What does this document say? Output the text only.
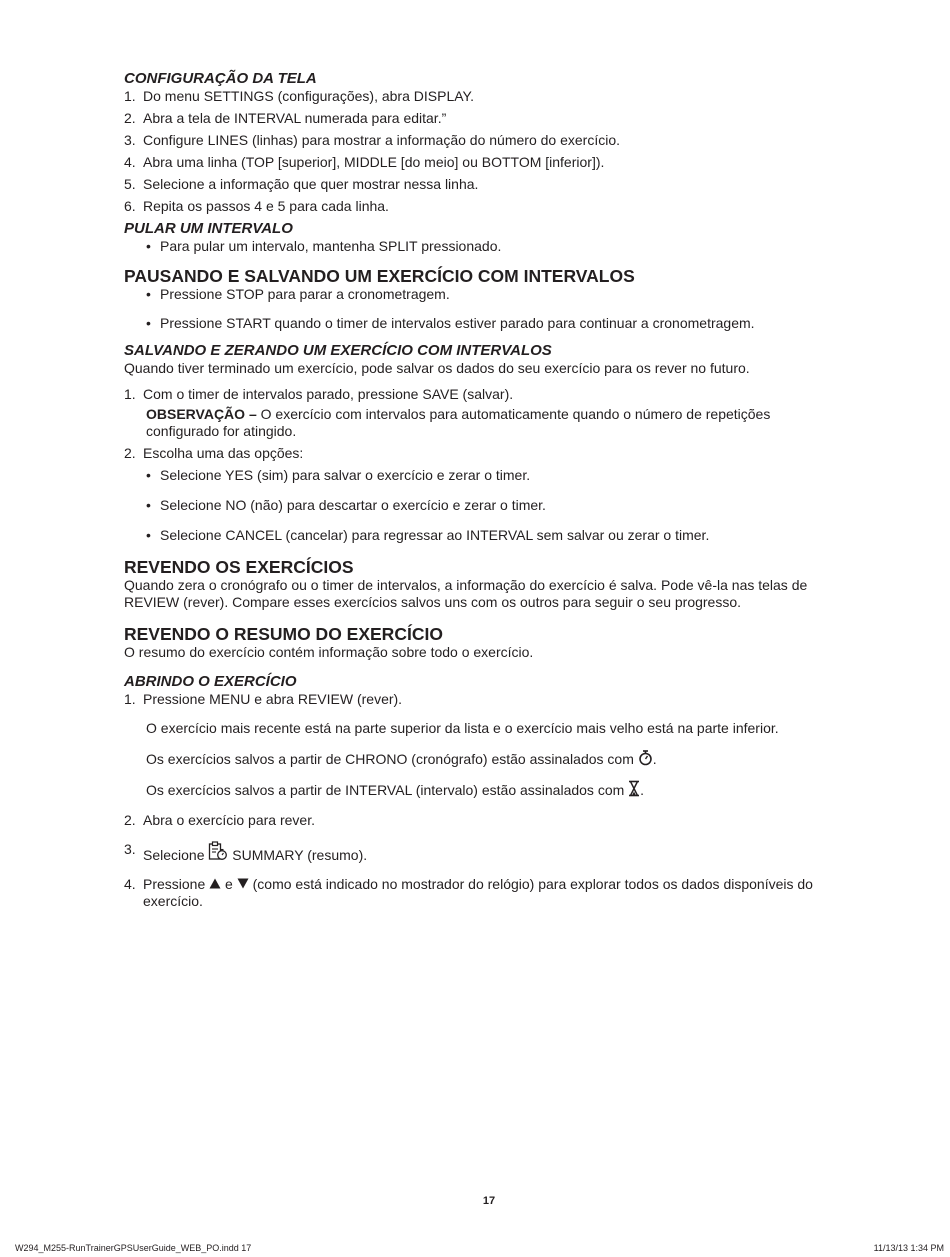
CONFIGURAÇÃO DA TELA
1. Do menu SETTINGS (configurações), abra DISPLAY.
2. Abra a tela de INTERVAL numerada para editar.”
3. Configure LINES (linhas) para mostrar a informação do número do exercício.
4. Abra uma linha (TOP [superior], MIDDLE [do meio] ou BOTTOM [inferior]).
5. Selecione a informação que quer mostrar nessa linha.
6. Repita os passos 4 e 5 para cada linha.
PULAR UM INTERVALO
• Para pular um intervalo, mantenha SPLIT pressionado.
PAUSANDO E SALVANDO UM EXERCÍCIO COM INTERVALOS
• Pressione STOP para parar a cronometragem.
• Pressione START quando o timer de intervalos estiver parado para continuar a cronometragem.
SALVANDO E ZERANDO UM EXERCÍCIO COM INTERVALOS

Quando tiver terminado um exercício, pode salvar os dados do seu exercício para os rever no futuro.

1. Com o timer de intervalos parado, pressione SAVE (salvar).
OBSERVAÇÃO – O exercício com intervalos para automaticamente quando o número de repetições configurado for atingido.
2. Escolha uma das opções:
• Selecione YES (sim) para salvar o exercício e zerar o timer.
• Selecione NO (não) para descartar o exercício e zerar o timer.
• Selecione CANCEL (cancelar) para regressar ao INTERVAL sem salvar ou zerar o timer.
REVENDO OS EXERCÍCIOS

Quando zera o cronógrafo ou o timer de intervalos, a informação do exercício é salva. Pode vê-la nas telas de REVIEW (rever). Compare esses exercícios salvos uns com os outros para seguir o seu progresso.

REVENDO O RESUMO DO EXERCÍCIO

O resumo do exercício contém informação sobre todo o exercício.

ABRINDO O EXERCÍCIO
1. Pressione MENU e abra REVIEW (rever).

O exercício mais recente está na parte superior da lista e o exercício mais velho está na parte inferior.

Os exercícios salvos a partir de CHRONO (cronógrafo) estão assinalados com .

Os exercícios salvos a partir de INTERVAL (intervalo) estão assinalados com .

2. Abra o exercício para rever.
3. Selecione  SUMMARY (resumo).
4. Pressione e (como está indicado no mostrador do relógio) para explorar todos os dados disponíveis do exercício.
17
W294_M255-RunTrainerGPSUserGuide_WEB_PO.indd 17	11/13/13 1:34 PM
